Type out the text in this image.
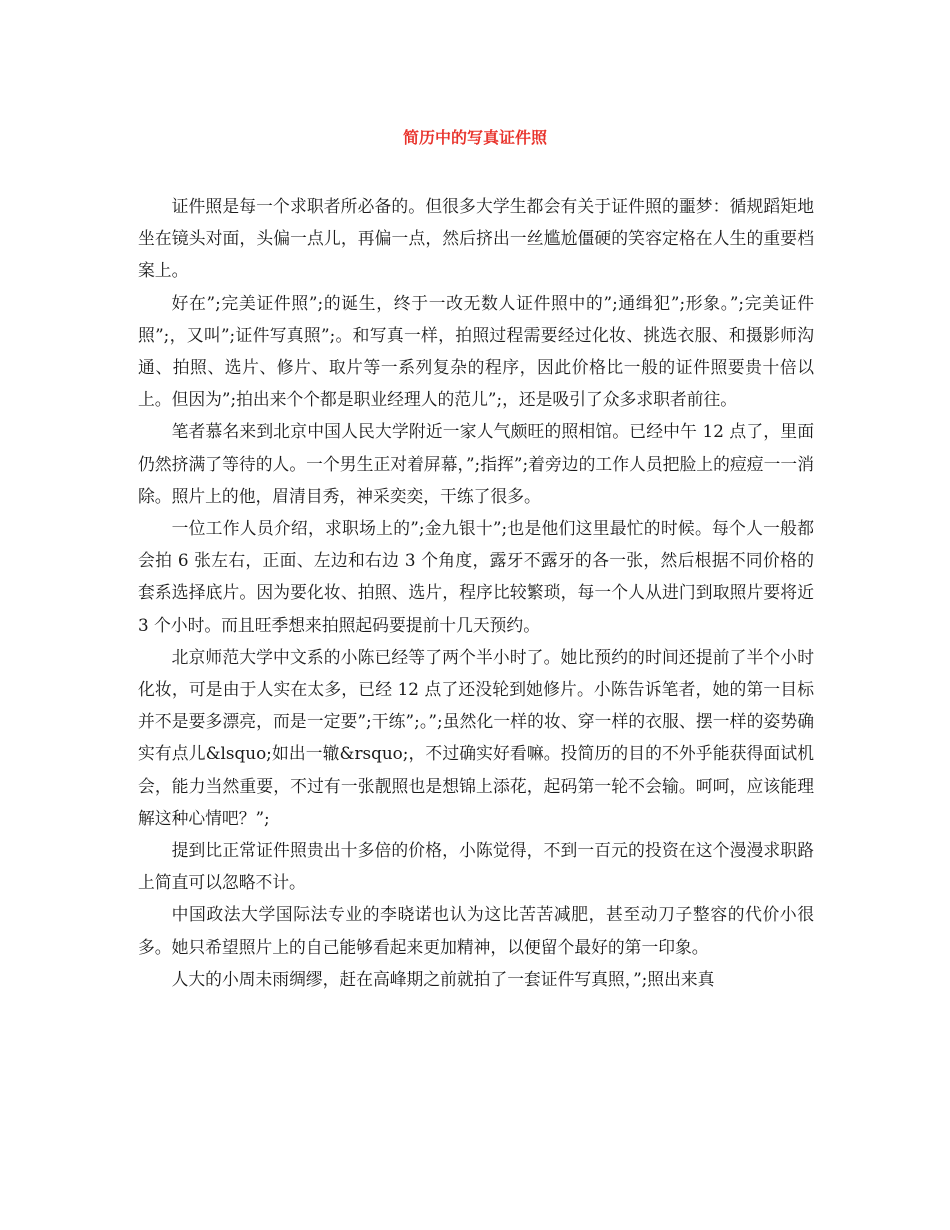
简历中的写真证件照

证件照是每一个求职者所必备的。但很多大学生都会有关于证件照的噩梦：循规蹈矩地坐在镜头对面，头偏一点儿，再偏一点，然后挤出一丝尴尬僵硬的笑容定格在人生的重要档案上。

好在”;完美证件照”;的诞生，终于一改无数人证件照中的”;通缉犯”;形象。”;完美证件照”;，又叫”;证件写真照”;。和写真一样，拍照过程需要经过化妆、挑选衣服、和摄影师沟通、拍照、选片、修片、取片等一系列复杂的程序，因此价格比一般的证件照要贵十倍以上。但因为”;拍出来个个都是职业经理人的范儿”;，还是吸引了众多求职者前往。

笔者慕名来到北京中国人民大学附近一家人气颇旺的照相馆。已经中午 12 点了，里面仍然挤满了等待的人。一个男生正对着屏幕，”;指挥”;着旁边的工作人员把脸上的痘痘一一消除。照片上的他，眉清目秀，神采奕奕，干练了很多。

一位工作人员介绍，求职场上的”;金九银十”;也是他们这里最忙的时候。每个人一般都会拍 6 张左右，正面、左边和右边 3 个角度，露牙不露牙的各一张，然后根据不同价格的套系选择底片。因为要化妆、拍照、选片，程序比较繁琐，每一个人从进门到取照片要将近 3 个小时。而且旺季想来拍照起码要提前十几天预约。

北京师范大学中文系的小陈已经等了两个半小时了。她比预约的时间还提前了半个小时化妆，可是由于人实在太多，已经 12 点了还没轮到她修片。小陈告诉笔者，她的第一目标并不是要多漂亮，而是一定要”;干练”;。”;虽然化一样的妆、穿一样的衣服、摆一样的姿势确实有点儿&lsquo;如出一辙&rsquo;，不过确实好看嘛。投简历的目的不外乎能获得面试机会，能力当然重要，不过有一张靓照也是想锦上添花，起码第一轮不会输。呵呵，应该能理解这种心情吧？”;

提到比正常证件照贵出十多倍的价格，小陈觉得，不到一百元的投资在这个漫漫求职路上简直可以忽略不计。

中国政法大学国际法专业的李晓诺也认为这比苦苦减肥，甚至动刀子整容的代价小很多。她只希望照片上的自己能够看起来更加精神，以便留个最好的第一印象。

人大的小周未雨绸缪，赶在高峰期之前就拍了一套证件写真照，”;照出来真
